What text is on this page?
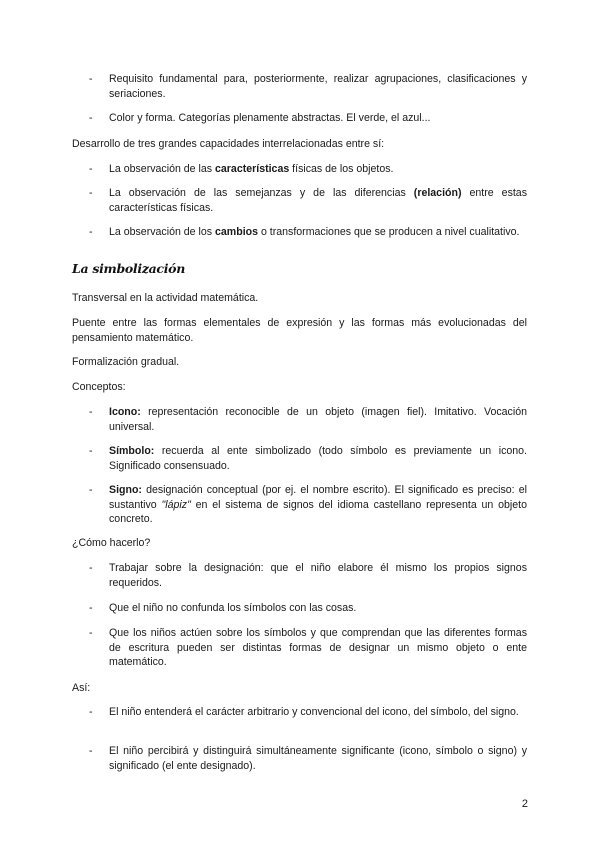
- Requisito fundamental para, posteriormente, realizar agrupaciones, clasificaciones y seriaciones.
- Color y forma. Categorías plenamente abstractas. El verde, el azul...

Desarrollo de tres grandes capacidades interrelacionadas entre sí:

- La observación de las características físicas de los objetos.
- La observación de las semejanzas y de las diferencias (relación) entre estas características físicas.
- La observación de los cambios o transformaciones que se producen a nivel cualitativo.
La simbolización

Transversal en la actividad matemática.

Puente entre las formas elementales de expresión y las formas más evolucionadas del pensamiento matemático.

Formalización gradual.

Conceptos:

- Icono: representación reconocible de un objeto (imagen fiel). Imitativo. Vocación universal.
- Símbolo: recuerda al ente simbolizado (todo símbolo es previamente un icono. Significado consensuado.
- Signo: designación conceptual (por ej. el nombre escrito). El significado es preciso: el sustantivo "lápiz" en el sistema de signos del idioma castellano representa un objeto concreto.

¿Cómo hacerlo?

- Trabajar sobre la designación: que el niño elabore él mismo los propios signos requeridos.
- Que el niño no confunda los símbolos con las cosas.
- Que los niños actúen sobre los símbolos y que comprendan que las diferentes formas de escritura pueden ser distintas formas de designar un mismo objeto o ente matemático.

Así:

- El niño entenderá el carácter arbitrario y convencional del icono, del símbolo, del signo.
- El niño percibirá y distinguirá simultáneamente significante (icono, símbolo o signo) y significado (el ente designado).
2
